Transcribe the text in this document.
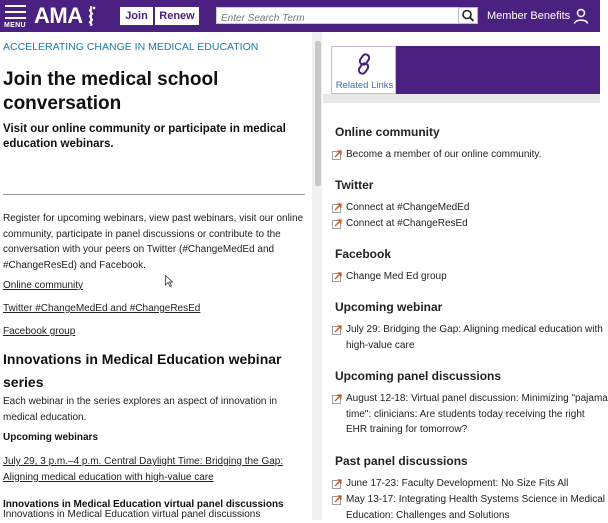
MENU AMA	Join	Renew
Enter Search Term	Member Benefits
ACCELERATING CHANGE IN MEDICAL EDUCATION
Join the medical school conversation
Visit our online community or participate in medical education webinars.

Register for upcoming webinars, view past webinars, visit our online community, participate in panel discussions or contribute to the conversation with your peers on Twitter (#ChangeMedEd and #ChangeResEd) and Facebook.

Online community
Twitter #ChangeMedEd and #ChangeResEd
Facebook group
Innovations in Medical Education webinar series

Each webinar in the series explores an aspect of innovation in medical education.

Upcoming webinars
July 29, 3 p.m.–4 p.m. Central Daylight Time: Bridging the Gap: Aligning medical education with high-value care
Innovations in Medical Education virtual panel discussions
Innovations in Medical Education virtual panel discussions
Related Links
Online community
Become a member of our online community.
Twitter
Connect at #ChangeMedEd
Connect at #ChangeResEd
Facebook
Change Med Ed group
Upcoming webinar
July 29: Bridging the Gap: Aligning medical education with high-value care
Upcoming panel discussions
August 12-18: Virtual panel discussion: Minimizing "pajama time": clinicians: Are students today receiving the right EHR training for tomorrow?
Past panel discussions
June 17-23: Faculty Development: No Size Fits All
May 13-17: Integrating Health Systems Science in Medical Education: Challenges and Solutions
